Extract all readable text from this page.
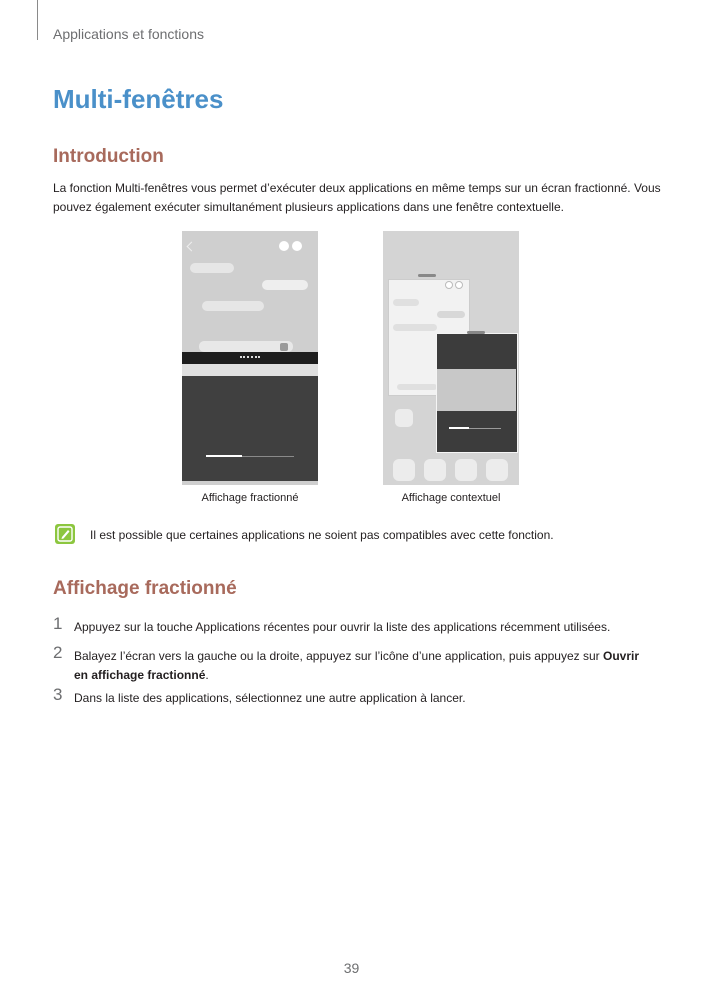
Applications et fonctions
Multi-fenêtres
Introduction
La fonction Multi-fenêtres vous permet d’exécuter deux applications en même temps sur un écran fractionné. Vous pouvez également exécuter simultanément plusieurs applications dans une fenêtre contextuelle.
Affichage fractionné	Affichage contextuel
Il est possible que certaines applications ne soient pas compatibles avec cette fonction.
Affichage fractionné
1 Appuyez sur la touche Applications récentes pour ouvrir la liste des applications récemment utilisées.
2 Balayez l’écran vers la gauche ou la droite, appuyez sur l’icône d’une application, puis appuyez sur Ouvrir en affichage fractionné.
3 Dans la liste des applications, sélectionnez une autre application à lancer.
39
